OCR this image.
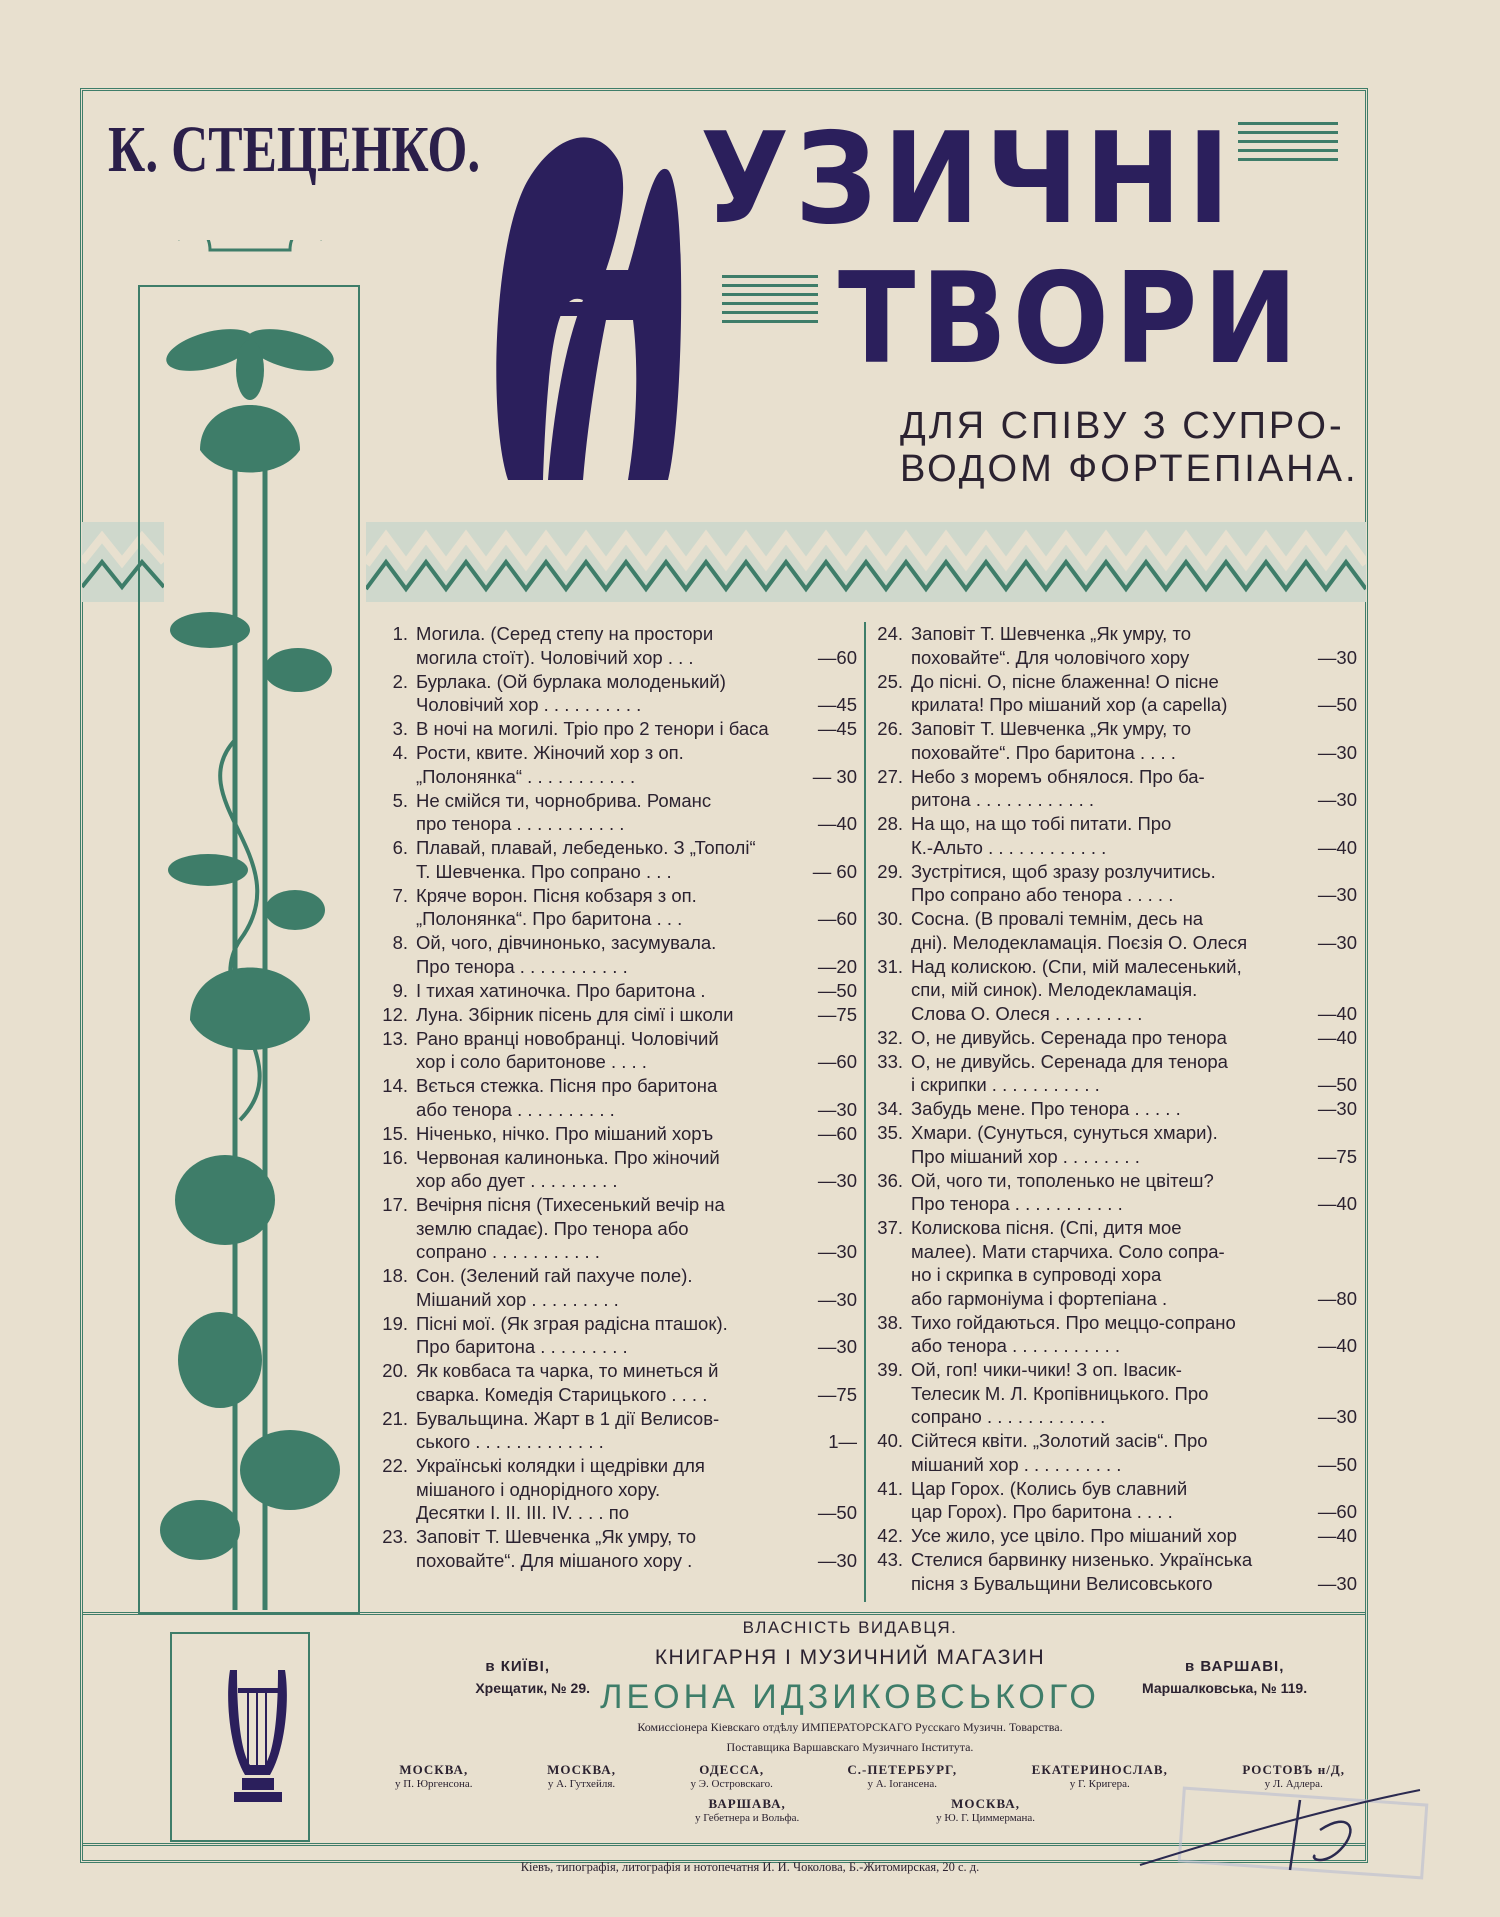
К. СТЕЦЕНКО. УЗИЧНІ
ТВОРИ
ДЛЯ СПІВУ З СУПРО-
ВОДОМ ФОРТЕПІАНА.
1. Могила. (Серед степу на простори
могила стоїт). Чоловічий хор . . .	—60
2. Бурлака. (Ой бурлака молоденький)
Чоловічий хор . . . . . . . . . .	—45
3. В ночі на могилі. Тріо про 2 тенори і баса	—45
4. Рости, квите. Жіночий хор з оп.
„Полонянка“ . . . . . . . . . . .	— 30
5. Не смійся ти, чорнобрива. Романс
про тенора . . . . . . . . . . .	—40
6. Плавай, плавай, лебеденько. З „Тополі“
Т. Шевченка. Про сопрано . . .	— 60
7. Кряче ворон. Пісня кобзаря з оп.
„Полонянка“. Про баритона . . .	—60
8. Ой, чого, дівчинонько, засумувала.
Про тенора . . . . . . . . . . .	—20
9. І тихая хатиночка. Про баритона .	—50
12. Луна. Збірник пісень для сімї і школи	—75
13. Рано вранці новобранці. Чоловічий
хор і соло баритонове . . . .	—60
14. Вється стежка. Пісня про баритона
або тенора . . . . . . . . . .	—30
15. Ніченько, нічко. Про мішаний хоръ	—60
16. Червоная калинонька. Про жіночий
хор або дует . . . . . . . . .	—30
17. Вечірня пісня (Тихесенький вечір на
землю спадає). Про тенора або
сопрано . . . . . . . . . . .	—30
18. Сон. (Зелений гай пахуче поле).
Мішаний хор . . . . . . . . .	—30
19. Пісні мої. (Як зграя радісна пташок).
Про баритона . . . . . . . . .	—30
20. Як ковбаса та чарка, то минеться й
сварка. Комедія Старицького . . . .	—75
21. Бувальщина. Жарт в 1 дії Велисов-
ського . . . . . . . . . . . . .	1—
22. Українські колядки і щедрівки для
мішаного і однорідного хору.
Десятки І. ІІ. ІІІ. IV. . . . по	—50
23. Заповіт Т. Шевченка „Як умру, то
поховайте“. Для мішаного хору .	—30
24. Заповіт Т. Шевченка „Як умру, то
поховайте“. Для чоловічого хору	—30
25. До пісні. О, пісне блаженна! О пісне
крилата! Про мішаний хор (a capella)	—50
26. Заповіт Т. Шевченка „Як умру, то
поховайте“. Про баритона . . . .	—30
27. Небо з моремъ обнялося. Про ба-
ритона . . . . . . . . . . . .	—30
28. На що, на що тобі питати. Про
К.-Альто . . . . . . . . . . . .	—40
29. Зустрітися, щоб зразу розлучитись.
Про сопрано або тенора . . . . .	—30
30. Сосна. (В провалі темнім, десь на
дні). Мелодекламація. Поєзія О. Олеся	—30
31. Над колискою. (Спи, мій малесенький,
спи, мій синок). Мелодекламація.
Слова О. Олеся . . . . . . . . .	—40
32. О, не дивуйсь. Серенада про тенора	—40
33. О, не дивуйсь. Серенада для тенора
і скрипки . . . . . . . . . . .	—50
34. Забудь мене. Про тенора . . . . .	—30
35. Хмари. (Сунуться, сунуться хмари).
Про мішаний хор . . . . . . . .	—75
36. Ой, чого ти, тополенько не цвітеш?
Про тенора . . . . . . . . . . .	—40
37. Колискова пісня. (Спі, дитя мое
малее). Мати старчиха. Соло сопра-
но і скрипка в супроводі хора
або гармоніума і фортепіана .	—80
38. Тихо гойдаються. Про меццо-сопрано
або тенора . . . . . . . . . . .	—40
39. Ой, гоп! чики-чики! З оп. Івасик-
Телесик М. Л. Кропівницького. Про
сопрано . . . . . . . . . . . .	—30
40. Сійтеся квіти. „Золотий засів“. Про
мішаний хор . . . . . . . . . .	—50
41. Цар Горох. (Колись був славний
цар Горох). Про баритона . . . .	—60
42. Усе жило, усе цвіло. Про мішаний хор	—40
43. Стелися барвинку низенько. Українська
пісня з Бувальщини Велисовського	—30
ВЛАСНІСТЬ ВИДАВЦЯ.
КНИГАРНЯ І МУЗИЧНИЙ МАГАЗИН
ЛЕОНА ИДЗИКОВСЬКОГО
Комиссіонера Кіевскаго отдѣлу ИМПЕРАТОРСКАГО Русскаго Музичн. Товарства.
Поставщика Варшавскаго Музичнаго Інститута.
в КИЇВІ,
Хрещатик, № 29.
в ВАРШАВІ,
Маршалковська, № 119.
МОСКВА,
у П. Юргенсона.
МОСКВА,
у А. Гутхейля.
ОДЕССА,
у Э. Островскаго.
С.-ПЕТЕРБУРГ,
у А. Іогансена.
ЕКАТЕРИНОСЛАВ,
у Г. Кригера.
РОСТОВЪ н/Д,
у Л. Адлера.
ВАРШАВА,
у Гебетнера и Вольфа.
МОСКВА,
у Ю. Г. Циммермана.
Кіевъ, типографія, литографія и нотопечатня И. И. Чоколова, Б.-Житомирская, 20 с. д.
